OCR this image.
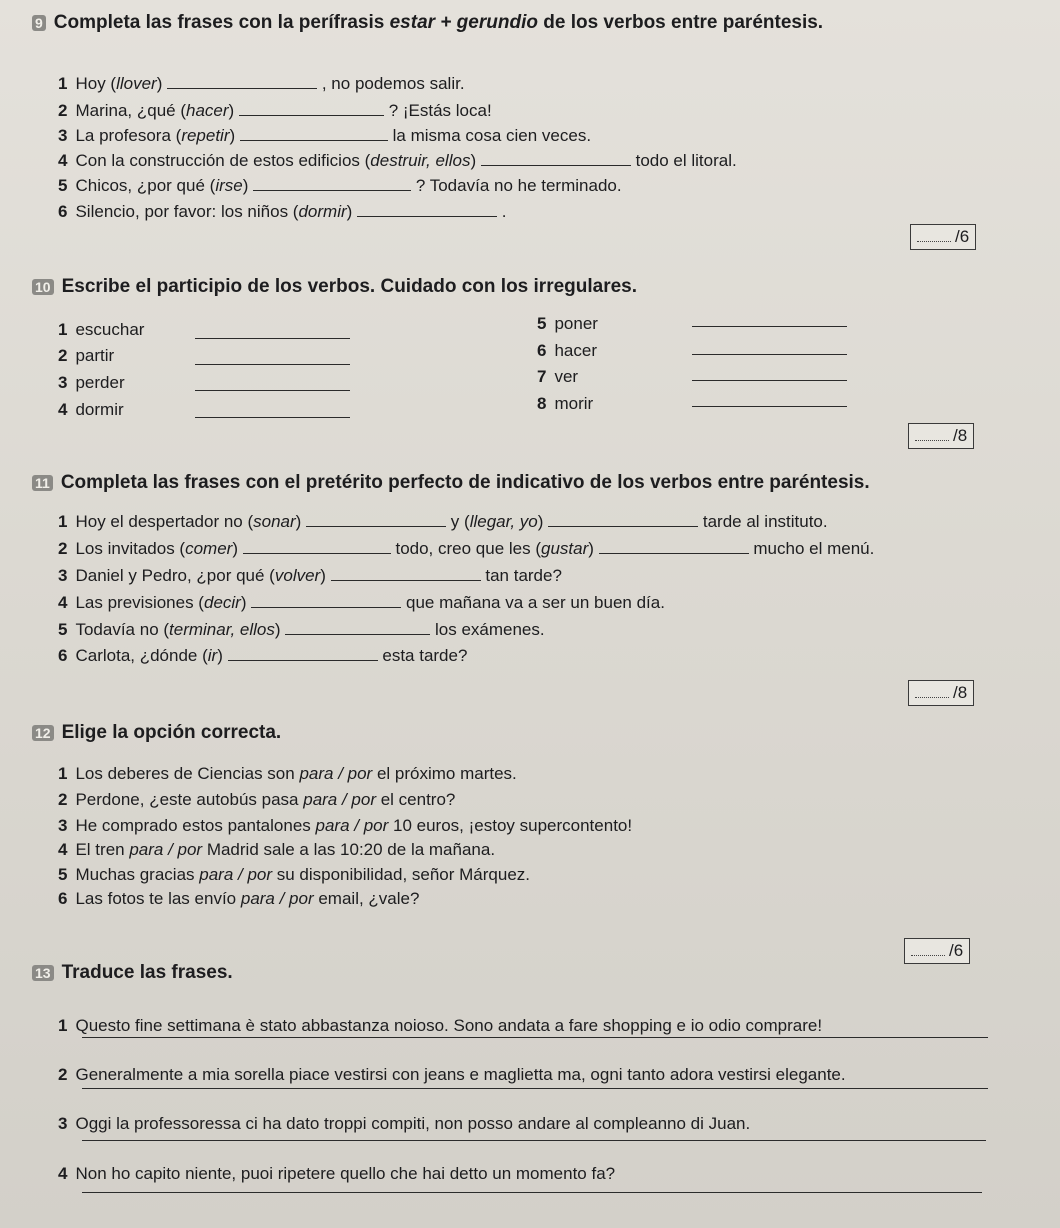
9 Completa las frases con la perífrasis estar + gerundio de los verbos entre paréntesis.
1 Hoy (llover)	, no podemos salir.
2 Marina, ¿qué (hacer)	? ¡Estás loca!
3 La profesora (repetir)	la misma cosa cien veces.
4 Con la construcción de estos edificios (destruir, ellos)	todo el litoral.
5 Chicos, ¿por qué (irse)	? Todavía no he terminado.
6 Silencio, por favor: los niños (dormir)	.
/6
10 Escribe el participio de los verbos. Cuidado con los irregulares.
1 escuchar
2 partir
3 perder
4 dormir
5 poner
6 hacer
7 ver
8 morir
/8
11 Completa las frases con el pretérito perfecto de indicativo de los verbos entre paréntesis.
1 Hoy el despertador no (sonar)	y (llegar, yo)	tarde al instituto.
2 Los invitados (comer)	todo, creo que les (gustar)	mucho el menú.
3 Daniel y Pedro, ¿por qué (volver)	tan tarde?
4 Las previsiones (decir)	que mañana va a ser un buen día.
5 Todavía no (terminar, ellos)	los exámenes.
6 Carlota, ¿dónde (ir)	esta tarde?
/8
12 Elige la opción correcta.
1 Los deberes de Ciencias son para / por el próximo martes.
2 Perdone, ¿este autobús pasa para / por el centro?
3 He comprado estos pantalones para / por 10 euros, ¡estoy supercontento!
4 El tren para / por Madrid sale a las 10:20 de la mañana.
5 Muchas gracias para / por su disponibilidad, señor Márquez.
6 Las fotos te las envío para / por email, ¿vale?
/6
13 Traduce las frases.
1 Questo fine settimana è stato abbastanza noioso. Sono andata a fare shopping e io odio comprare!
2 Generalmente a mia sorella piace vestirsi con jeans e maglietta ma, ogni tanto adora vestirsi elegante.
3 Oggi la professoressa ci ha dato troppi compiti, non posso andare al compleanno di Juan.
4 Non ho capito niente, puoi ripetere quello che hai detto un momento fa?
